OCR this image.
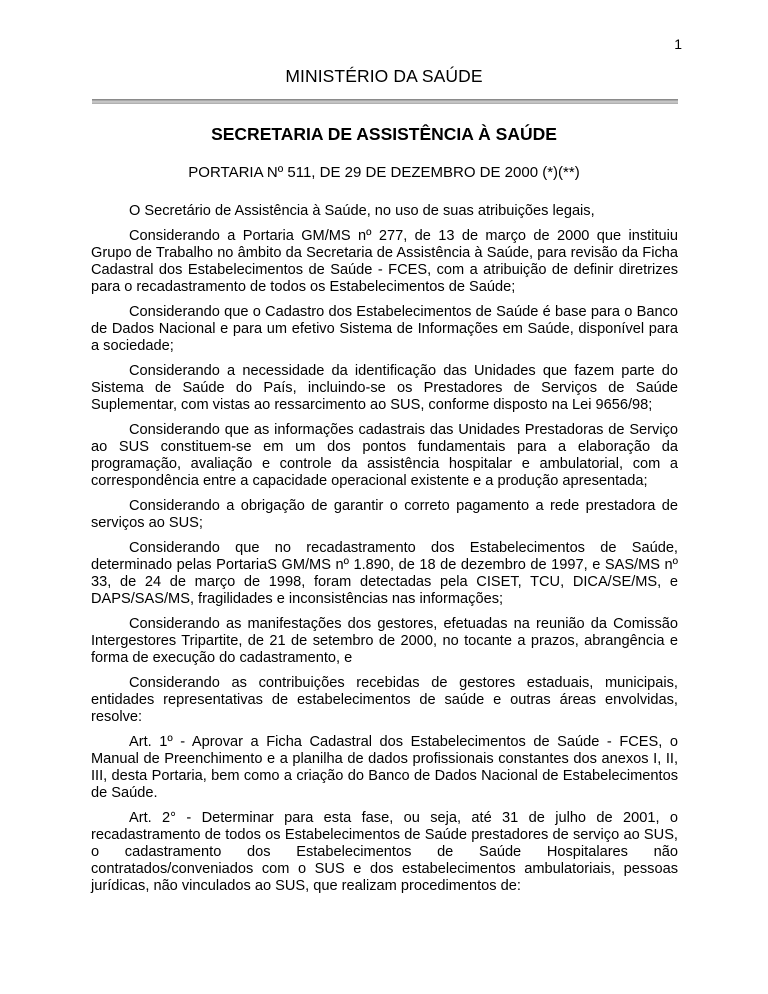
1
MINISTÉRIO DA SAÚDE
SECRETARIA DE ASSISTÊNCIA À SAÚDE
PORTARIA Nº 511, DE 29 DE DEZEMBRO DE 2000 (*)(**)

O Secretário de Assistência à Saúde, no uso de suas atribuições legais,

Considerando a Portaria GM/MS nº 277, de 13 de março de 2000 que instituiu Grupo de Trabalho no âmbito da Secretaria de Assistência à Saúde, para revisão da Ficha Cadastral dos Estabelecimentos de Saúde - FCES, com a atribuição de definir diretrizes para o recadastramento de todos os Estabelecimentos de Saúde;

Considerando que o Cadastro dos Estabelecimentos de Saúde é base para o Banco de Dados Nacional e para um efetivo Sistema de Informações em Saúde, disponível para a sociedade;

Considerando a necessidade da identificação das Unidades que fazem parte do Sistema de Saúde do País, incluindo-se os Prestadores de Serviços de Saúde Suplementar, com vistas ao ressarcimento ao SUS, conforme disposto na Lei 9656/98;

Considerando que as informações cadastrais das Unidades Prestadoras de Serviço ao SUS constituem-se em um dos pontos fundamentais para a elaboração da programação, avaliação e controle da assistência hospitalar e ambulatorial, com a correspondência entre a capacidade operacional existente e a produção apresentada;

Considerando a obrigação de garantir o correto pagamento a rede prestadora de serviços ao SUS;

Considerando que no recadastramento dos Estabelecimentos de Saúde, determinado pelas PortariaS GM/MS nº 1.890, de 18 de dezembro de 1997, e SAS/MS nº 33, de 24 de março de 1998, foram detectadas pela CISET, TCU, DICA/SE/MS, e DAPS/SAS/MS, fragilidades e inconsistências nas informações;

Considerando as manifestações dos gestores, efetuadas na reunião da Comissão Intergestores Tripartite, de 21 de setembro de 2000, no tocante a prazos, abrangência e forma de execução do cadastramento, e

Considerando as contribuições recebidas de gestores estaduais, municipais, entidades representativas de estabelecimentos de saúde e outras áreas envolvidas, resolve:

Art. 1º - Aprovar a Ficha Cadastral dos Estabelecimentos de Saúde - FCES, o Manual de Preenchimento e a planilha de dados profissionais constantes dos anexos I, II, III, desta Portaria, bem como a criação do Banco de Dados Nacional de Estabelecimentos de Saúde.

Art. 2° - Determinar para esta fase, ou seja, até 31 de julho de 2001, o recadastramento de todos os Estabelecimentos de Saúde prestadores de serviço ao SUS, o cadastramento dos Estabelecimentos de Saúde Hospitalares não contratados/conveniados com o SUS e dos estabelecimentos ambulatoriais, pessoas jurídicas, não vinculados ao SUS, que realizam procedimentos de:
